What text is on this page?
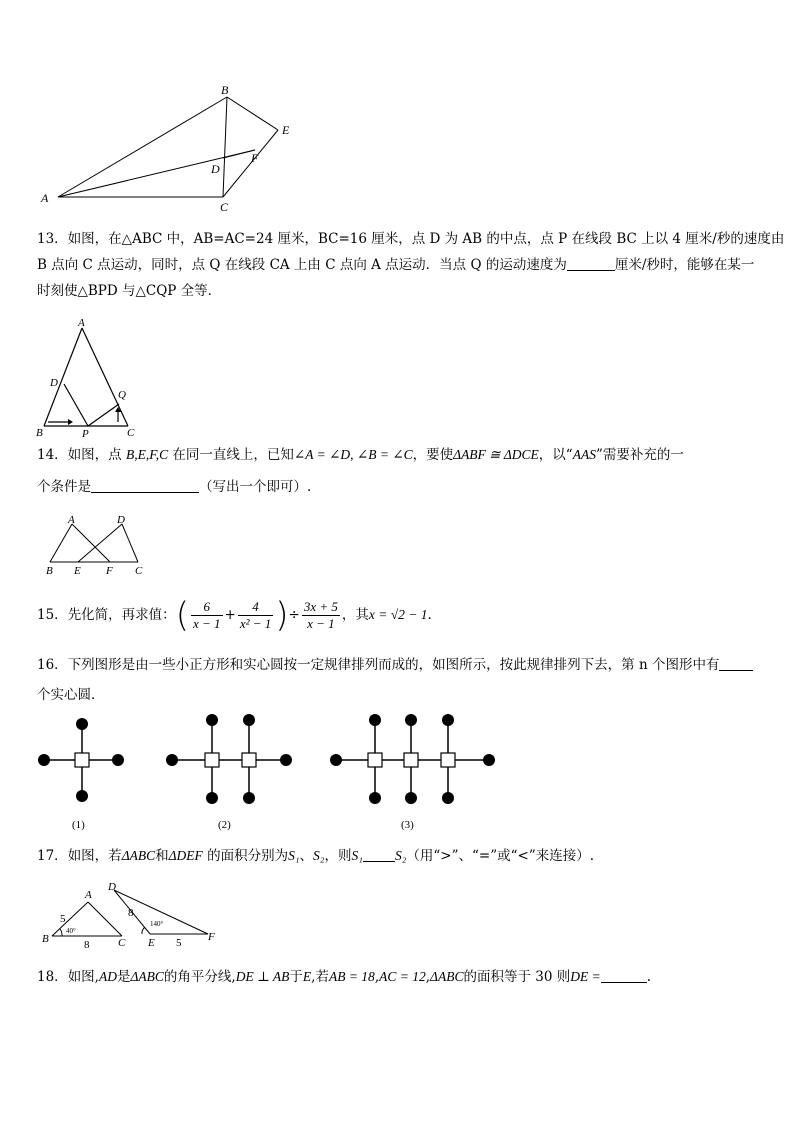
B
E
F
D
A
C
13．如图，在△ABC 中，AB=AC=24 厘米，BC=16 厘米，点 D 为 AB 的中点，点 P 在线段 BC 上以 4 厘米/秒的速度由
B 点向 C 点运动，同时，点 Q 在线段 CA 上由 C 点向 A 点运动．当点 Q 的运动速度为	厘米/秒时，能够在某一
时刻使△BPD 与△CQP 全等．
A
D
Q
B	P	C
14．如图，点 B,E,F,C 在同一直线上，已知∠A = ∠D, ∠B = ∠C，要使ΔABF ≅ ΔDCE，以“AAS”需要补充的一
个条件是	（写出一个即可）.
A	D
B E F C
15．先化简，再求值：( $\frac{6}{x - 1} + \frac{4}{\text{x² − 1}}$ )÷ $\frac{3x + 5}{x - 1}$ ，其x = √2 − 1.
16．下列图形是由一些小正方形和实心圆按一定规律排列而成的，如图所示，按此规律排列下去，第 n 个图形中有
个实心圆．
(1)	(2)	(3)
17．如图，若ΔABC和ΔDEF 的面积分别为S₁、S₂，则S₁ S₂（用“>”、“=”或“<”来连接）.
A
B	C
D
E	F
5
8
40°
8
5
140°
18．如图,AD是ΔABC的角平分线,DE ⊥ AB于E,若AB = 18,AC = 12,ΔABC的面积等于 30 则DE =	.
